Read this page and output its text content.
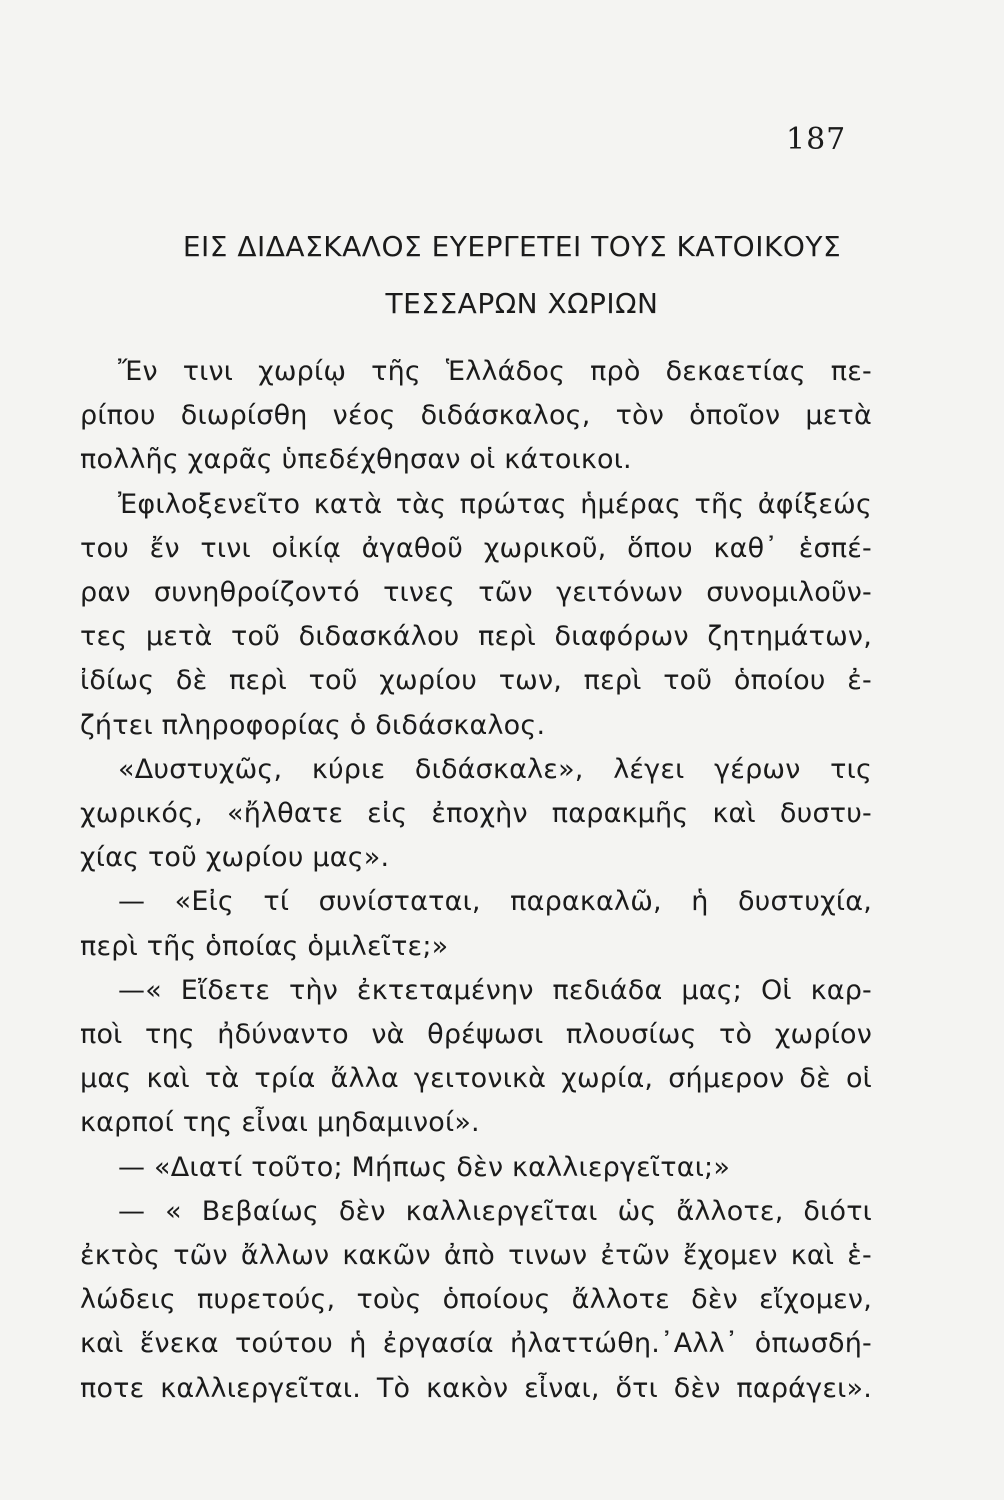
187
ΕΙΣ ΔΙΔΑΣΚΑΛΟΣ ΕΥΕΡΓΕΤΕΙ ΤΟΥΣ ΚΑΤΟΙΚΟΥΣ
ΤΕΣΣΑΡΩΝ ΧΩΡΙΩΝ
Ἔν τινι χωρίῳ τῆς Ἑλλάδος πρὸ δεκαετίας πε-
ρίπου διωρίσθη νέος διδάσκαλος, τὸν ὁποῖον μετὰ
πολλῆς χαρᾶς ὑπεδέχθησαν οἱ κάτοικοι.
Ἐφιλοξενεῖτο κατὰ τὰς πρώτας ἡμέρας τῆς ἀφίξεώς
του ἔν τινι οἰκίᾳ ἀγαθοῦ χωρικοῦ, ὅπου καθ᾽ ἑσπέ-
ραν συνηθροίζοντό τινες τῶν γειτόνων συνομιλοῦν-
τες μετὰ τοῦ διδασκάλου περὶ διαφόρων ζητημάτων,
ἰδίως δὲ περὶ τοῦ χωρίου των, περὶ τοῦ ὁποίου ἐ-
ζήτει πληροφορίας ὁ διδάσκαλος.
«Δυστυχῶς, κύριε διδάσκαλε», λέγει γέρων τις
χωρικός, «ἤλθατε εἰς ἐποχὴν παρακμῆς καὶ δυστυ-
χίας τοῦ χωρίου μας».
— «Εἰς τί συνίσταται, παρακαλῶ, ἡ δυστυχία,
περὶ τῆς ὁποίας ὁμιλεῖτε;»
—« Εἴδετε τὴν ἐκτεταμένην πεδιάδα μας; Οἱ καρ-
ποὶ της ἠδύναντο νὰ θρέψωσι πλουσίως τὸ χωρίον
μας καὶ τὰ τρία ἄλλα γειτονικὰ χωρία, σήμερον δὲ οἱ
καρποί της εἶναι μηδαμινοί».
— «Διατί τοῦτο; Μήπως δὲν καλλιεργεῖται;»
— « Βεβαίως δὲν καλλιεργεῖται ὡς ἄλλοτε, διότι
ἐκτὸς τῶν ἄλλων κακῶν ἀπὸ τινων ἐτῶν ἔχομεν καὶ ἑ-
λώδεις πυρετούς, τοὺς ὁποίους ἄλλοτε δὲν εἴχομεν,
καὶ ἕνεκα τούτου ἡ ἐργασία ἠλαττώθη.᾽Αλλ᾽ ὁπωσδή-
ποτε καλλιεργεῖται. Τὸ κακὸν εἶναι, ὅτι δὲν παράγει».
